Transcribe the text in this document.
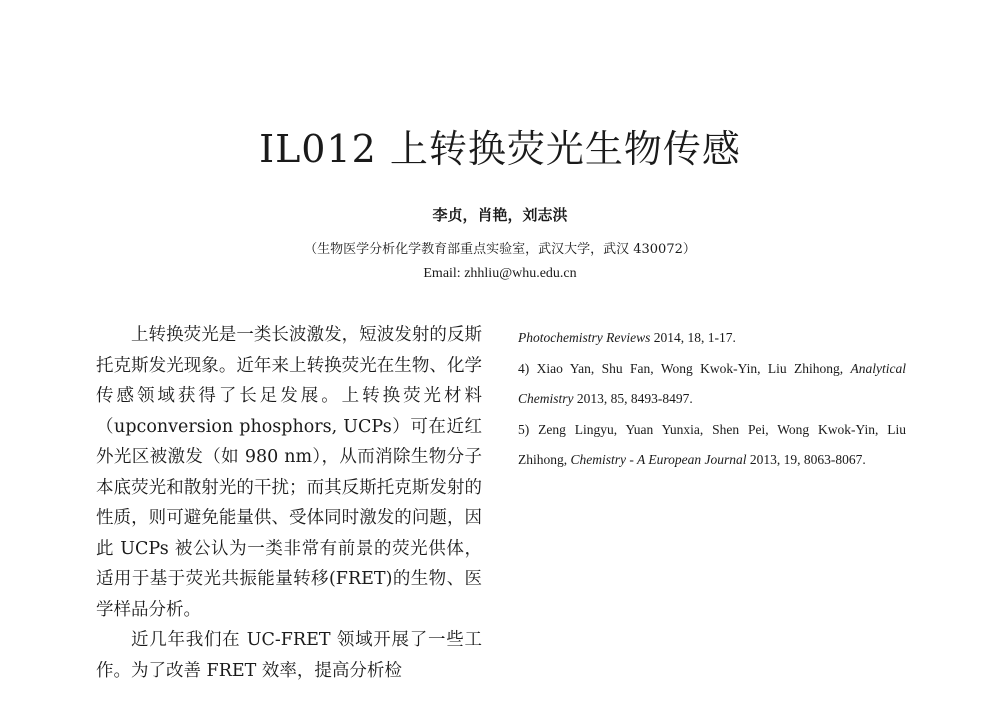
IL012 上转换荧光生物传感
李贞，肖艳，刘志洪
（生物医学分析化学教育部重点实验室，武汉大学，武汉 430072）
Email: zhhliu@whu.edu.cn

上转换荧光是一类长波激发，短波发射的反斯托克斯发光现象。近年来上转换荧光在生物、化学传感领域获得了长足发展。上转换荧光材料（upconversion phosphors, UCPs）可在近红外光区被激发（如 980 nm），从而消除生物分子本底荧光和散射光的干扰；而其反斯托克斯发射的性质，则可避免能量供、受体同时激发的问题，因此 UCPs 被公认为一类非常有前景的荧光供体，适用于基于荧光共振能量转移(FRET)的生物、医学样品分析。

近几年我们在 UC-FRET 领域开展了一些工作。为了改善 FRET 效率，提高分析检

Photochemistry Reviews 2014, 18, 1-17.

4) Xiao Yan, Shu Fan, Wong Kwok-Yin, Liu Zhihong, Analytical Chemistry 2013, 85, 8493-8497.

5) Zeng Lingyu, Yuan Yunxia, Shen Pei, Wong Kwok-Yin, Liu Zhihong, Chemistry - A European Journal 2013, 19, 8063-8067.
